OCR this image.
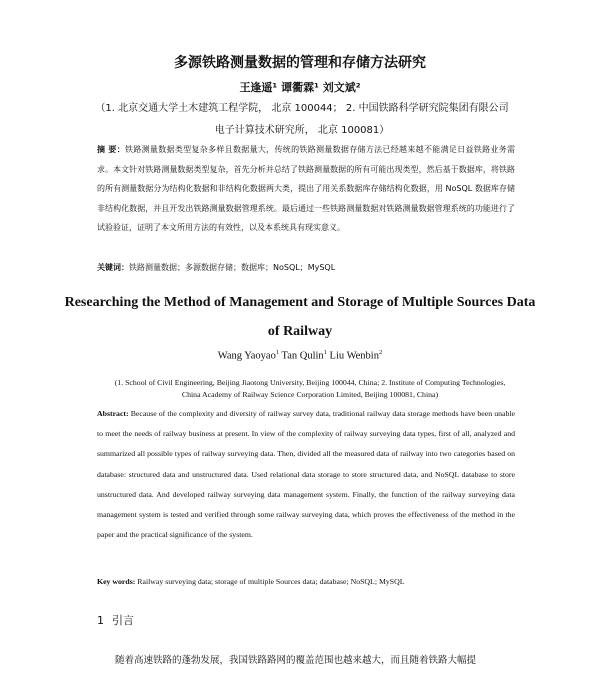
多源铁路测量数据的管理和存储方法研究
王逢遥¹ 谭衢霖¹ 刘文斌²
（1. 北京交通大学土木建筑工程学院， 北京 100044； 2. 中国铁路科学研究院集团有限公司电子计算技术研究所， 北京 100081）
摘 要：铁路测量数据类型复杂多样且数据量大，传统的铁路测量数据存储方法已经越来越不能满足日益铁路业务需求。本文针对铁路测量数据类型复杂，首先分析并总结了铁路测量数据的所有可能出现类型，然后基于数据库，将铁路的所有测量数据分为结构化数据和非结构化数据两大类，提出了用关系数据库存储结构化数据，用 NoSQL 数据库存储非结构化数据，并且开发出铁路测量数据管理系统。最后通过一些铁路测量数据对铁路测量数据管理系统的功能进行了试验验证，证明了本文所用方法的有效性，以及本系统具有现实意义。
关键词：铁路测量数据；多源数据存储；数据库；NoSQL；MySQL
Researching the Method of Management and Storage of Multiple Sources Data of Railway
Wang Yaoyao$^1$ Tan Qulin$^1$ Liu Wenbin$^2$
(1. School of Civil Engineering, Beijing Jiaotong University, Beijing 100044, China; 2. Institute of Computing Technologies, China Academy of Railway Science Corporation Limited, Beijing 100081, China)
Abstract: Because of the complexity and diversity of railway survey data, traditional railway data storage methods have been unable to meet the needs of railway business at present. In view of the complexity of railway surveying data types, first of all, analyzed and summarized all possible types of railway surveying data. Then, divided all the measured data of railway into two categories based on database: structured data and unstructured data. Used relational data storage to store structured data, and NoSQL database to store unstructured data. And developed railway surveying data management system. Finally, the function of the railway surveying data management system is tested and verified through some railway surveying data, which proves the effectiveness of the method in the paper and the practical significance of the system.
Key words: Railway surveying data; storage of multiple Sources data; database; NoSQL; MySQL
1 引言
随着高速铁路的蓬勃发展，我国铁路路网的覆盖范围也越来越大，而且随着铁路大幅提
